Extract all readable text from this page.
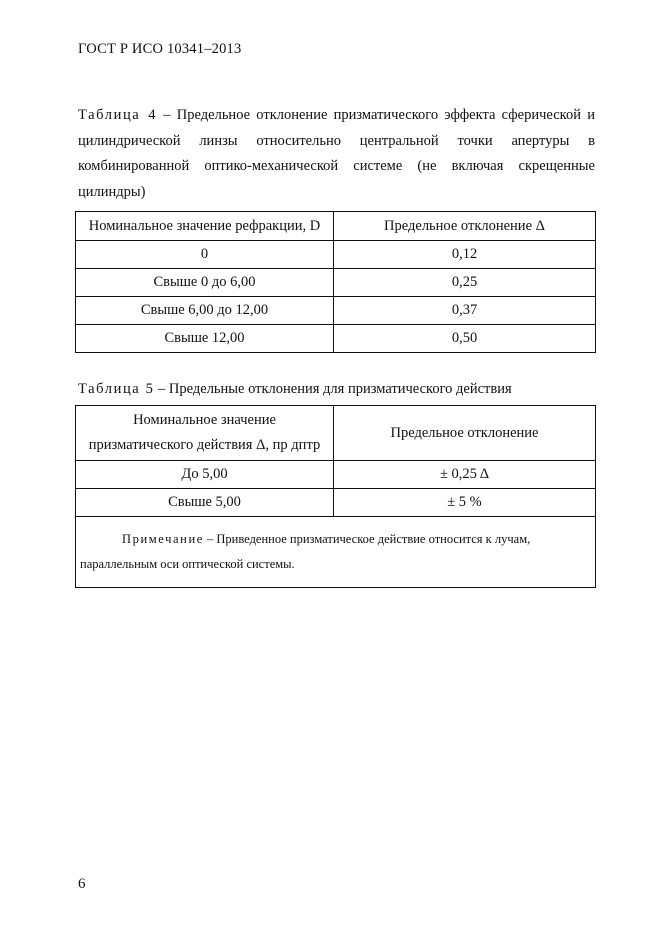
ГОСТ Р ИСО 10341–2013
Таблица 4 – Предельное отклонение призматического эффекта сферической и цилиндрической линзы относительно центральной точки апертуры в комбинированной оптико-механической системе (не включая скрещенные цилиндры)
Номинальное значение рефракции, D	Предельное отклонение Δ
0	0,12
Свыше 0 до 6,00	0,25
Свыше 6,00 до 12,00	0,37
Свыше 12,00	0,50
Таблица 5 – Предельные отклонения для призматического действия
Номинальное значение призматического действия Δ, пр дптр	Предельное отклонение
До 5,00	± 0,25 Δ
Свыше 5,00	± 5 %
Примечание – Приведенное призматическое действие относится к лучам, параллельным оси оптической системы.	
6
